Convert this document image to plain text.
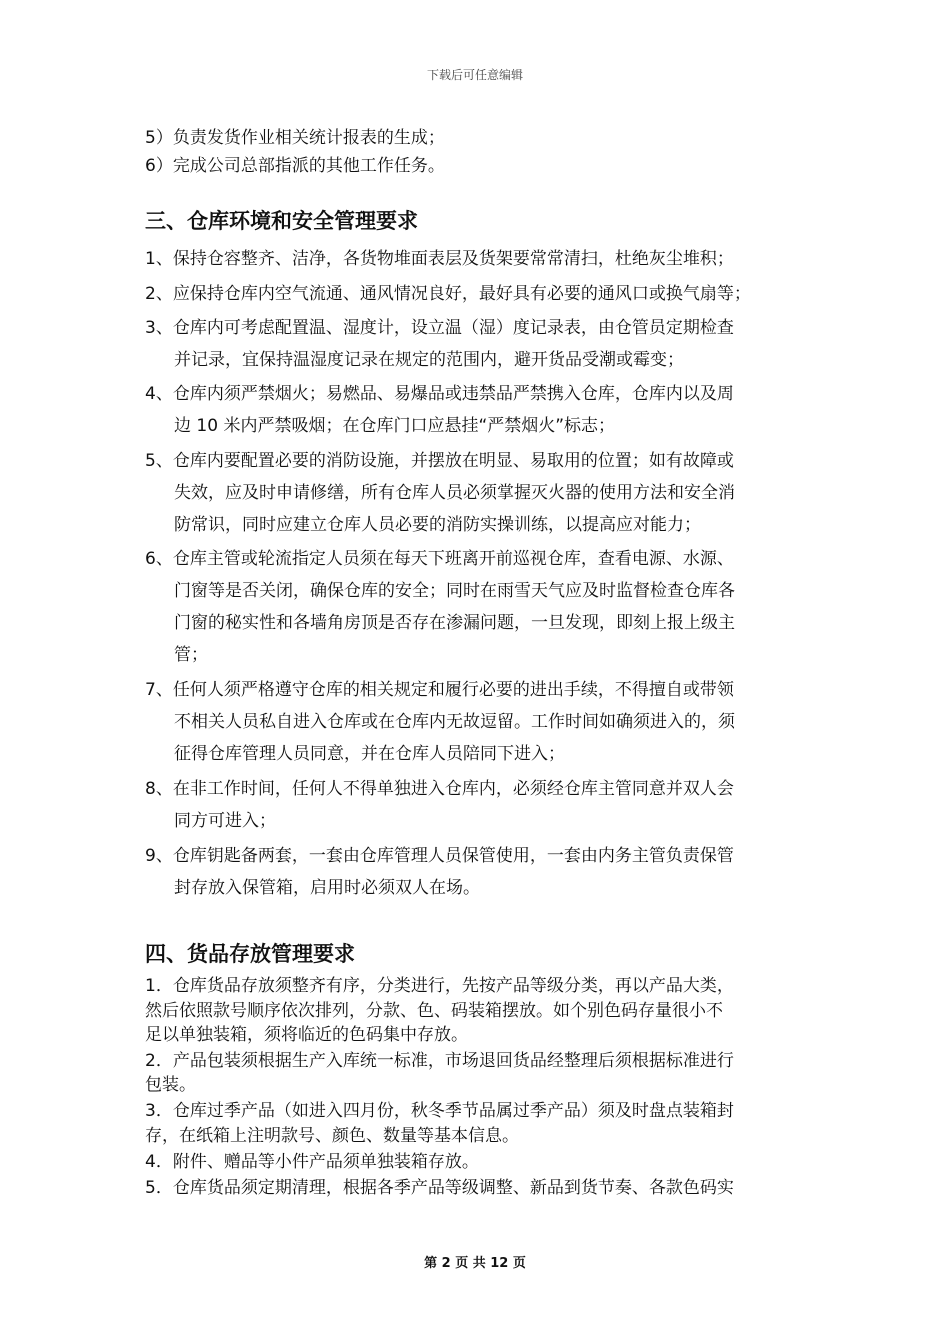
下载后可任意编辑
5）负责发货作业相关统计报表的生成；
6）完成公司总部指派的其他工作任务。
三、仓库环境和安全管理要求
1、保持仓容整齐、洁净，各货物堆面表层及货架要常常清扫，杜绝灰尘堆积；
2、应保持仓库内空气流通、通风情况良好，最好具有必要的通风口或换气扇等；
3、仓库内可考虑配置温、湿度计，设立温（湿）度记录表，由仓管员定期检查
并记录，宜保持温湿度记录在规定的范围内，避开货品受潮或霉变；
4、仓库内须严禁烟火；易燃品、易爆品或违禁品严禁携入仓库，仓库内以及周
边 10 米内严禁吸烟；在仓库门口应悬挂“严禁烟火”标志；
5、仓库内要配置必要的消防设施，并摆放在明显、易取用的位置；如有故障或
失效，应及时申请修缮，所有仓库人员必须掌握灭火器的使用方法和安全消
防常识，同时应建立仓库人员必要的消防实操训练，以提高应对能力；
6、仓库主管或轮流指定人员须在每天下班离开前巡视仓库，查看电源、水源、
门窗等是否关闭，确保仓库的安全；同时在雨雪天气应及时监督检查仓库各
门窗的秘实性和各墙角房顶是否存在渗漏问题，一旦发现，即刻上报上级主
管；
7、任何人须严格遵守仓库的相关规定和履行必要的进出手续，不得擅自或带领
不相关人员私自进入仓库或在仓库内无故逗留。工作时间如确须进入的，须
征得仓库管理人员同意，并在仓库人员陪同下进入；
8、在非工作时间，任何人不得单独进入仓库内，必须经仓库主管同意并双人会
同方可进入；
9、仓库钥匙备两套，一套由仓库管理人员保管使用，一套由内务主管负责保管
封存放入保管箱，启用时必须双人在场。
四、货品存放管理要求
1．仓库货品存放须整齐有序，分类进行，先按产品等级分类，再以产品大类，
然后依照款号顺序依次排列，分款、色、码装箱摆放。如个别色码存量很小不
足以单独装箱，须将临近的色码集中存放。
2．产品包装须根据生产入库统一标准，市场退回货品经整理后须根据标准进行
包装。
3．仓库过季产品（如进入四月份，秋冬季节品属过季产品）须及时盘点装箱封
存，在纸箱上注明款号、颜色、数量等基本信息。
4．附件、赠品等小件产品须单独装箱存放。
5．仓库货品须定期清理，根据各季产品等级调整、新品到货节奏、各款色码实
第 2 页 共 12 页
